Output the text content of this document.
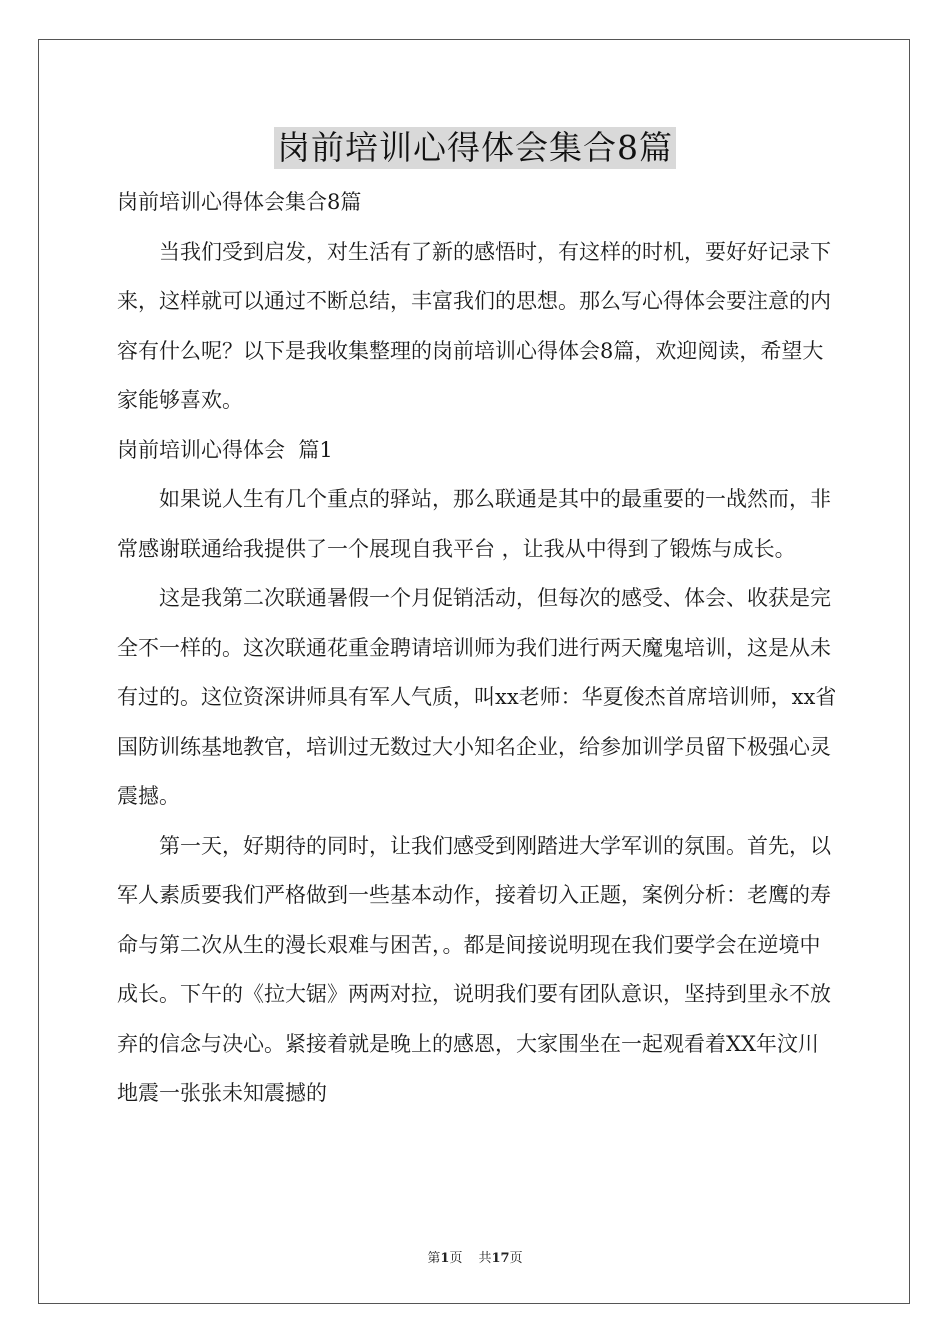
岗前培训心得体会集合8篇

岗前培训心得体会集合8篇

当我们受到启发，对生活有了新的感悟时，有这样的时机，要好好记录下来，这样就可以通过不断总结，丰富我们的思想。那么写心得体会要注意的内容有什么呢？以下是我收集整理的岗前培训心得体会8篇，欢迎阅读，希望大家能够喜欢。

岗前培训心得体会  篇1

如果说人生有几个重点的驿站，那么联通是其中的最重要的一战然而，非常感谢联通给我提供了一个展现自我平台 ，让我从中得到了锻炼与成长。

这是我第二次联通暑假一个月促销活动，但每次的感受、体会、收获是完全不一样的。这次联通花重金聘请培训师为我们进行两天魔鬼培训，这是从未有过的。这位资深讲师具有军人气质，叫xx老师：华夏俊杰首席培训师，xx省国防训练基地教官，培训过无数过大小知名企业，给参加训学员留下极强心灵震撼。

第一天，好期待的同时，让我们感受到刚踏进大学军训的氛围。首先，以军人素质要我们严格做到一些基本动作，接着切入正题，案例分析：老鹰的寿命与第二次从生的漫长艰难与困苦，。都是间接说明现在我们要学会在逆境中成长。下午的《拉大锯》两两对拉，说明我们要有团队意识，坚持到里永不放弃的信念与决心。紧接着就是晚上的感恩，大家围坐在一起观看着XX年汶川地震一张张未知震撼的

第1页 共17页
